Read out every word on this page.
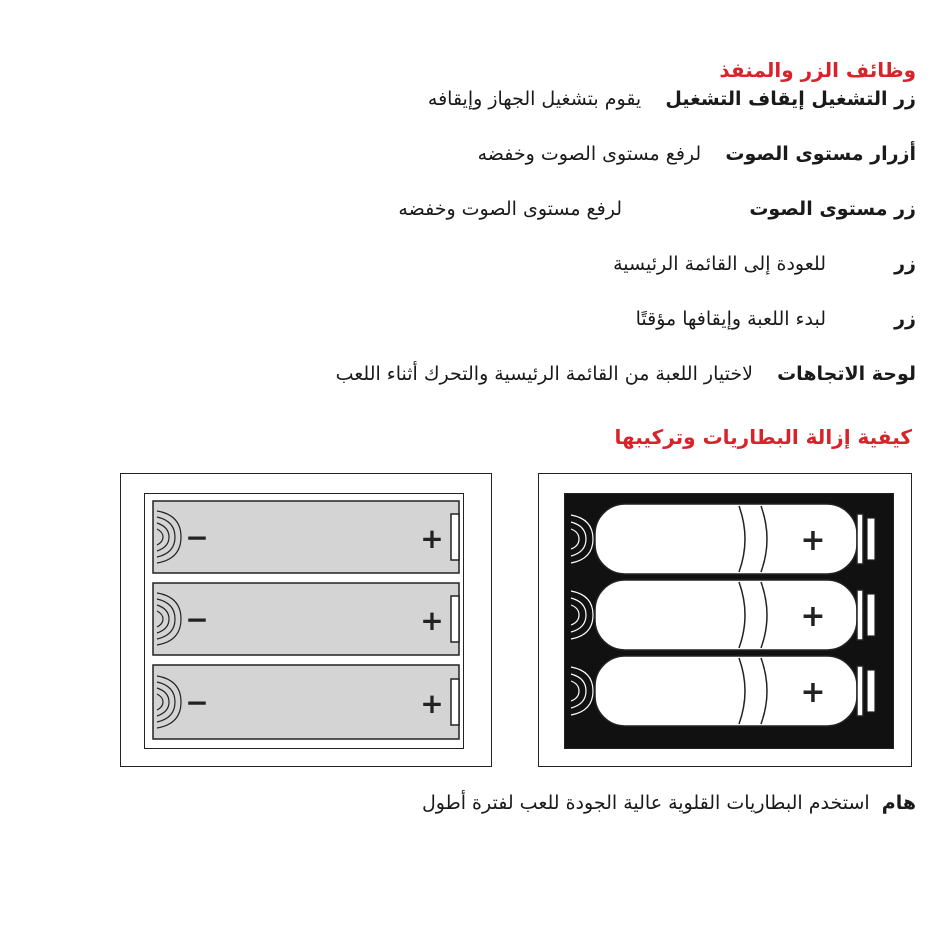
وظائف الزر والمنفذ
زر التشغيل إيقاف التشغيل    يقوم بتشغيل الجهاز وإيقافه
أزرار مستوى الصوت    لرفع مستوى الصوت وخفضه
زر مستوى الصوت
لرفع مستوى الصوت وخفضه
زر
للعودة إلى القائمة الرئيسية
زر
لبدء اللعبة وإيقافها مؤقتًا
لوحة الاتجاهات    لاختيار اللعبة من القائمة الرئيسية والتحرك أثناء اللعب
كيفية إزالة البطاريات وتركيبها
−
−
−
+
+
+
+
+
+
هام  استخدم البطاريات القلوية عالية الجودة للعب لفترة أطول
